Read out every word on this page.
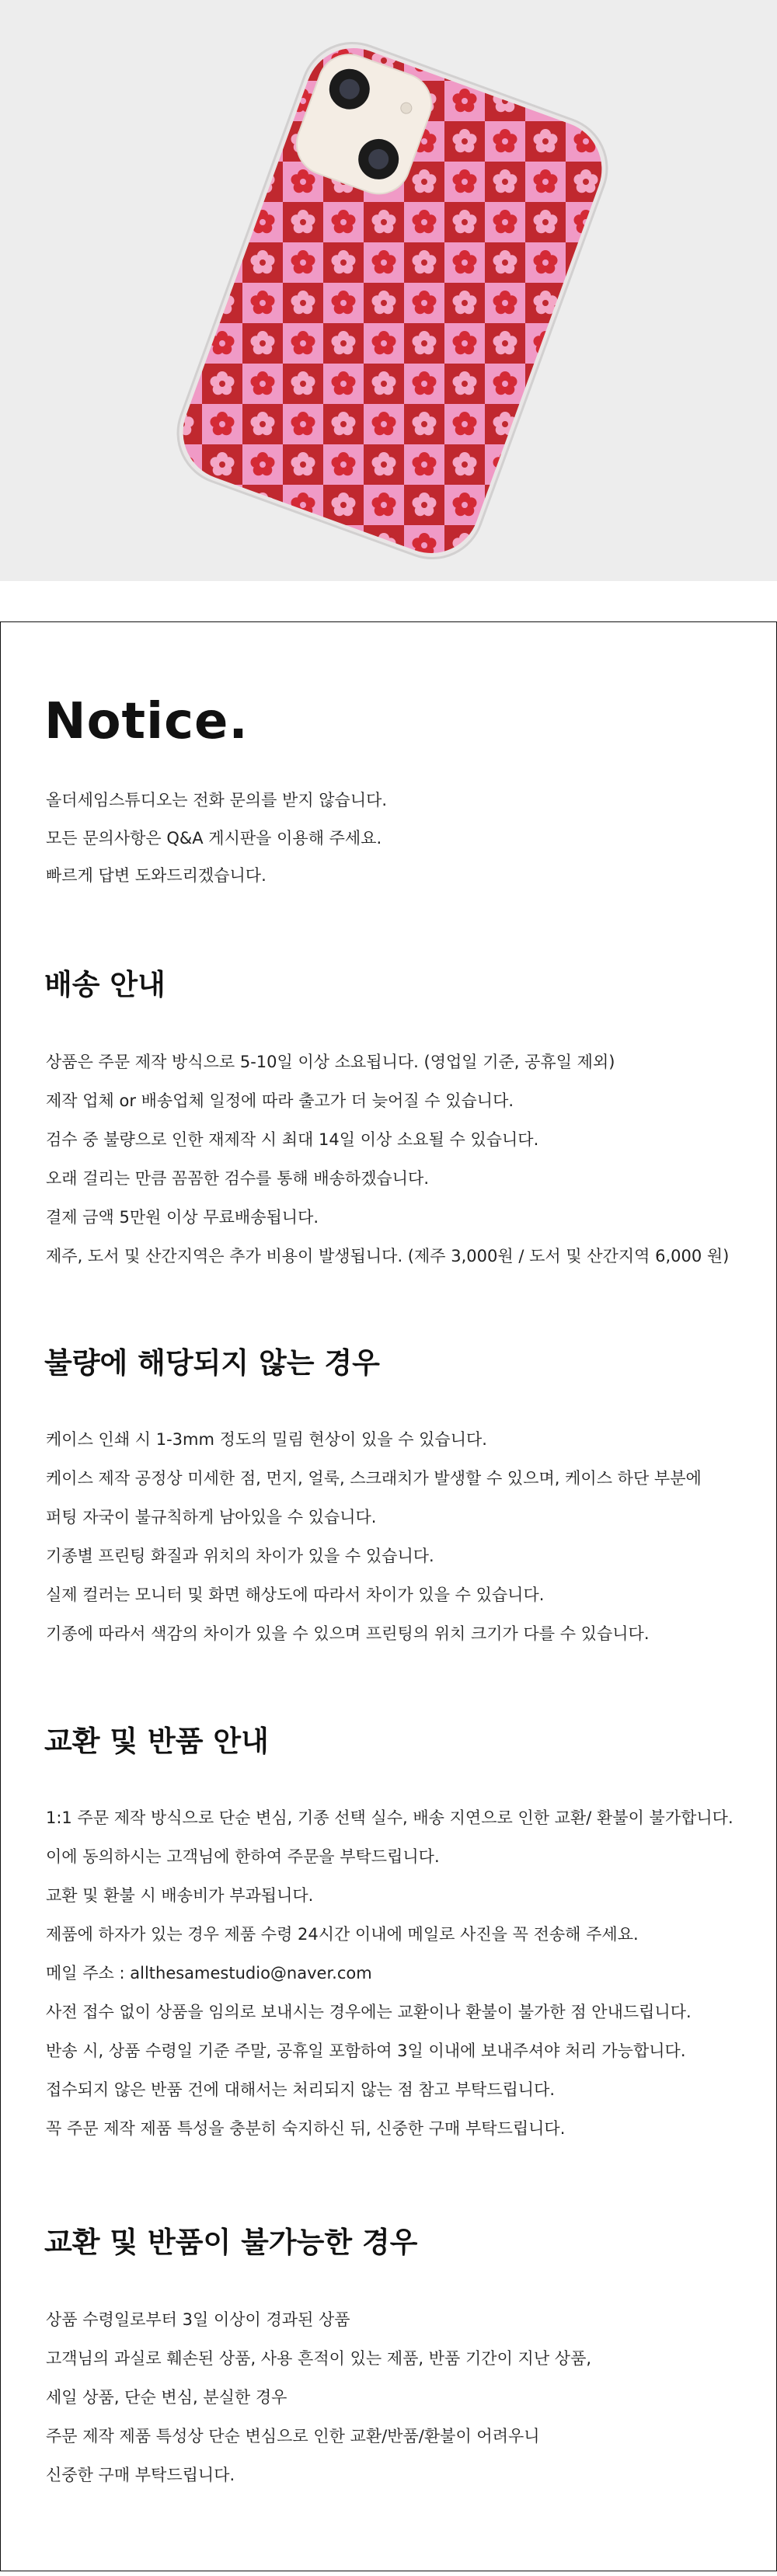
Notice.

올더세임스튜디오는 전화 문의를 받지 않습니다.

모든 문의사항은 Q&A 게시판을 이용해 주세요.

빠르게 답변 도와드리겠습니다.

배송 안내

상품은 주문 제작 방식으로 5-10일 이상 소요됩니다. (영업일 기준, 공휴일 제외)

제작 업체 or 배송업체 일정에 따라 출고가 더 늦어질 수 있습니다.

검수 중 불량으로 인한 재제작 시 최대 14일 이상 소요될 수 있습니다.

오래 걸리는 만큼 꼼꼼한 검수를 통해 배송하겠습니다.

결제 금액 5만원 이상 무료배송됩니다.

제주, 도서 및 산간지역은 추가 비용이 발생됩니다. (제주 3,000원 / 도서 및 산간지역 6,000 원)

불량에 해당되지 않는 경우

케이스 인쇄 시 1-3mm 정도의 밀림 현상이 있을 수 있습니다.

케이스 제작 공정상 미세한 점, 먼지, 얼룩, 스크래치가 발생할 수 있으며, 케이스 하단 부분에

퍼팅 자국이 불규칙하게 남아있을 수 있습니다.

기종별 프린팅 화질과 위치의 차이가 있을 수 있습니다.

실제 컬러는 모니터 및 화면 해상도에 따라서 차이가 있을 수 있습니다.

기종에 따라서 색감의 차이가 있을 수 있으며 프린팅의 위치 크기가 다를 수 있습니다.

교환 및 반품 안내

1:1 주문 제작 방식으로 단순 변심, 기종 선택 실수, 배송 지연으로 인한 교환/ 환불이 불가합니다.

이에 동의하시는 고객님에 한하여 주문을 부탁드립니다.

교환 및 환불 시 배송비가 부과됩니다.

제품에 하자가 있는 경우 제품 수령 24시간 이내에 메일로 사진을 꼭 전송해 주세요.

메일 주소 : allthesamestudio@naver.com

사전 접수 없이 상품을 임의로 보내시는 경우에는 교환이나 환불이 불가한 점 안내드립니다.

반송 시, 상품 수령일 기준 주말, 공휴일 포함하여 3일 이내에 보내주셔야 처리 가능합니다.

접수되지 않은 반품 건에 대해서는 처리되지 않는 점 참고 부탁드립니다.

꼭 주문 제작 제품 특성을 충분히 숙지하신 뒤, 신중한 구매 부탁드립니다.

교환 및 반품이 불가능한 경우

상품 수령일로부터 3일 이상이 경과된 상품

고객님의 과실로 훼손된 상품, 사용 흔적이 있는 제품, 반품 기간이 지난 상품,

세일 상품, 단순 변심, 분실한 경우

주문 제작 제품 특성상 단순 변심으로 인한 교환/반품/환불이 어려우니

신중한 구매 부탁드립니다.
